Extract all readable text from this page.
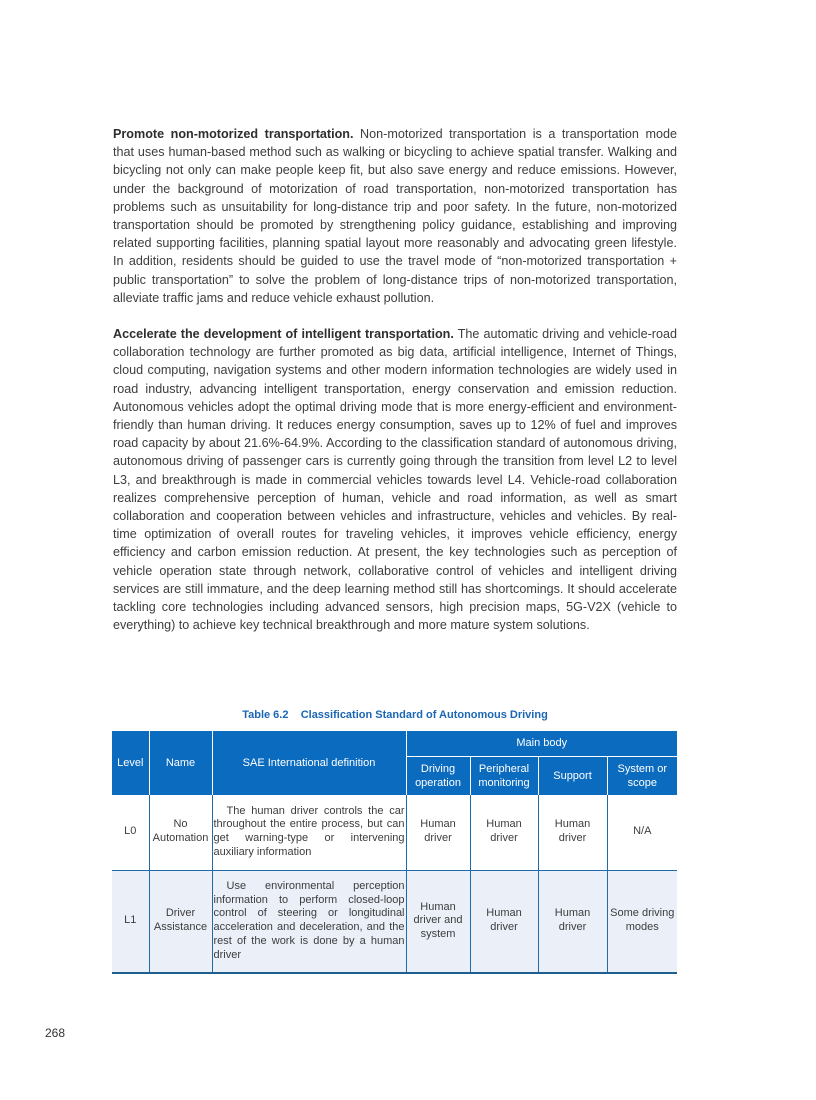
Promote non-motorized transportation. Non-motorized transportation is a transportation mode that uses human-based method such as walking or bicycling to achieve spatial transfer. Walking and bicycling not only can make people keep fit, but also save energy and reduce emissions. However, under the background of motorization of road transportation, non-motorized transportation has problems such as unsuitability for long-distance trip and poor safety. In the future, non-motorized transportation should be promoted by strengthening policy guidance, establishing and improving related supporting facilities, planning spatial layout more reasonably and advocating green lifestyle. In addition, residents should be guided to use the travel mode of “non-motorized transportation + public transportation” to solve the problem of long-distance trips of non-motorized transportation, alleviate traffic jams and reduce vehicle exhaust pollution.

Accelerate the development of intelligent transportation. The automatic driving and vehicle-road collaboration technology are further promoted as big data, artificial intelligence, Internet of Things, cloud computing, navigation systems and other modern information technologies are widely used in road industry, advancing intelligent transportation, energy conservation and emission reduction. Autonomous vehicles adopt the optimal driving mode that is more energy-efficient and environment-friendly than human driving. It reduces energy consumption, saves up to 12% of fuel and improves road capacity by about 21.6%-64.9%. According to the classification standard of autonomous driving, autonomous driving of passenger cars is currently going through the transition from level L2 to level L3, and breakthrough is made in commercial vehicles towards level L4. Vehicle-road collaboration realizes comprehensive perception of human, vehicle and road information, as well as smart collaboration and cooperation between vehicles and infrastructure, vehicles and vehicles. By real-time optimization of overall routes for traveling vehicles, it improves vehicle efficiency, energy efficiency and carbon emission reduction. At present, the key technologies such as perception of vehicle operation state through network, collaborative control of vehicles and intelligent driving services are still immature, and the deep learning method still has shortcomings. It should accelerate tackling core technologies including advanced sensors, high precision maps, 5G-V2X (vehicle to everything) to achieve key technical breakthrough and more mature system solutions.

Table 6.2    Classification Standard of Autonomous Driving
Level	Name	SAE International definition	Main body			
			Driving operation	Peripheral monitoring	Support	System or scope
L0	No Automation	The human driver controls the car throughout the entire process, but can get warning-type or intervening auxiliary information	Human driver	Human driver	Human driver	N/A
L1	Driver Assistance	Use environmental perception information to perform closed-loop control of steering or longitudinal acceleration and deceleration, and the rest of the work is done by a human driver	Human driver and system	Human driver	Human driver	Some driving modes
268
